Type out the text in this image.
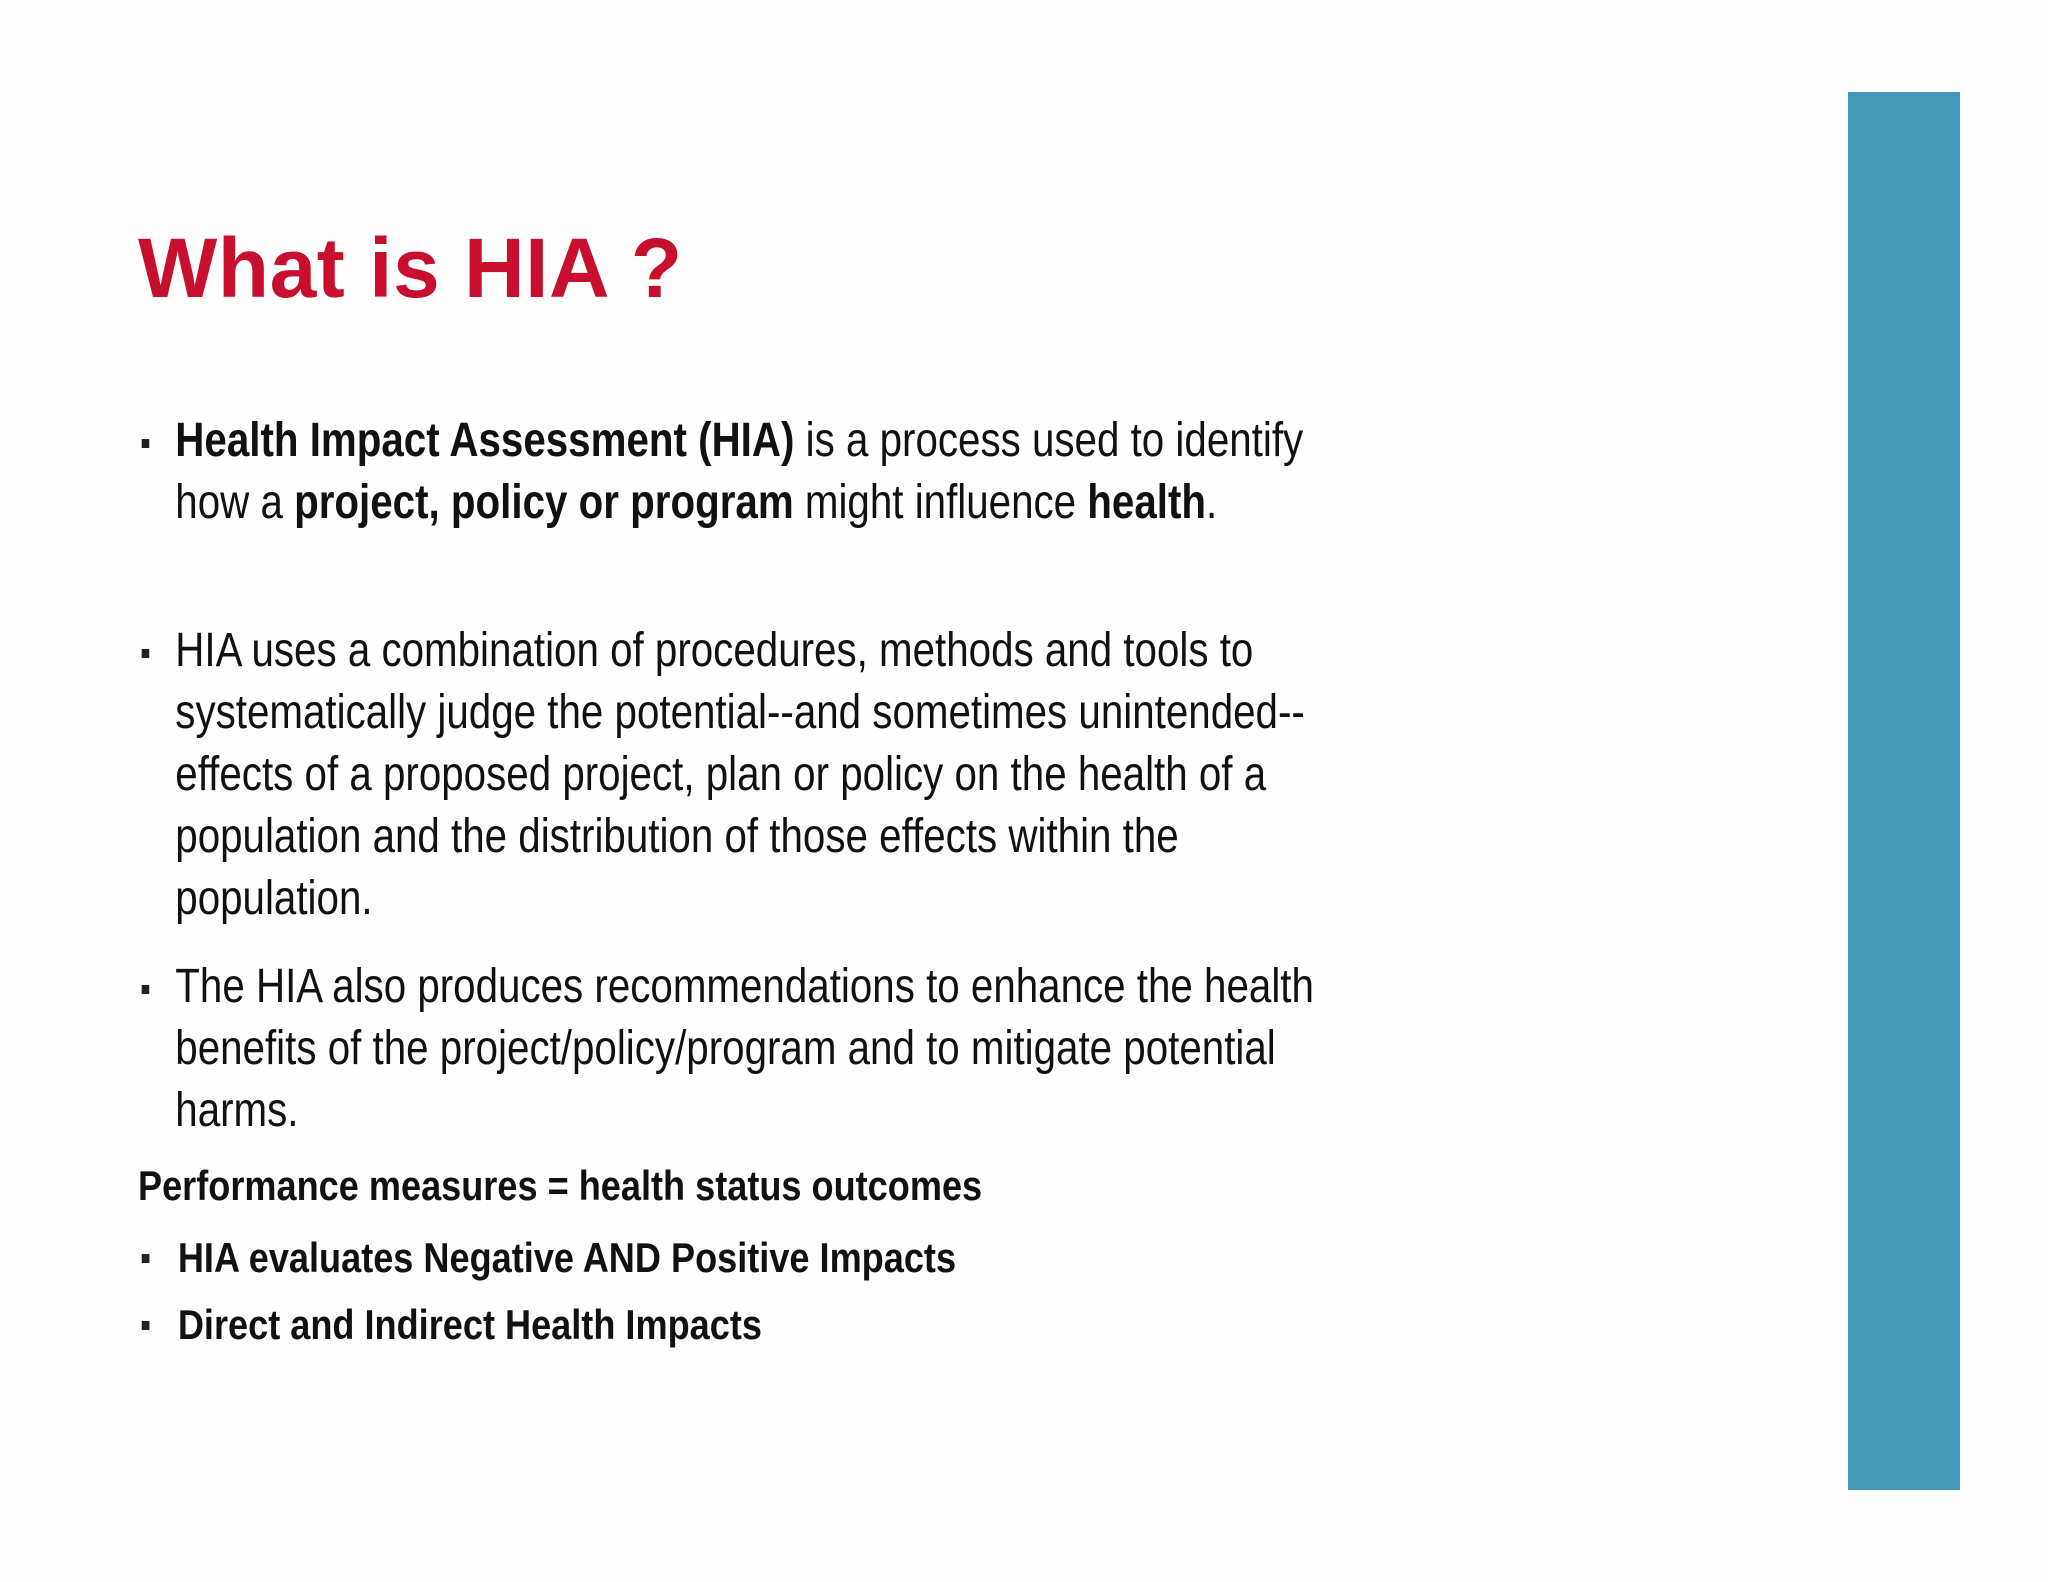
What is HIA ?
Health Impact Assessment (HIA) is a process used to identify how a project, policy or program might influence health.
HIA uses a combination of procedures, methods and tools to systematically judge the potential--and sometimes unintended--effects of a proposed project, plan or policy on the health of a population and the distribution of those effects within the population.
The HIA also produces recommendations to enhance the health benefits of the project/policy/program and to mitigate potential harms.
Performance measures = health status outcomes
HIA evaluates Negative AND Positive Impacts
Direct and Indirect Health Impacts
